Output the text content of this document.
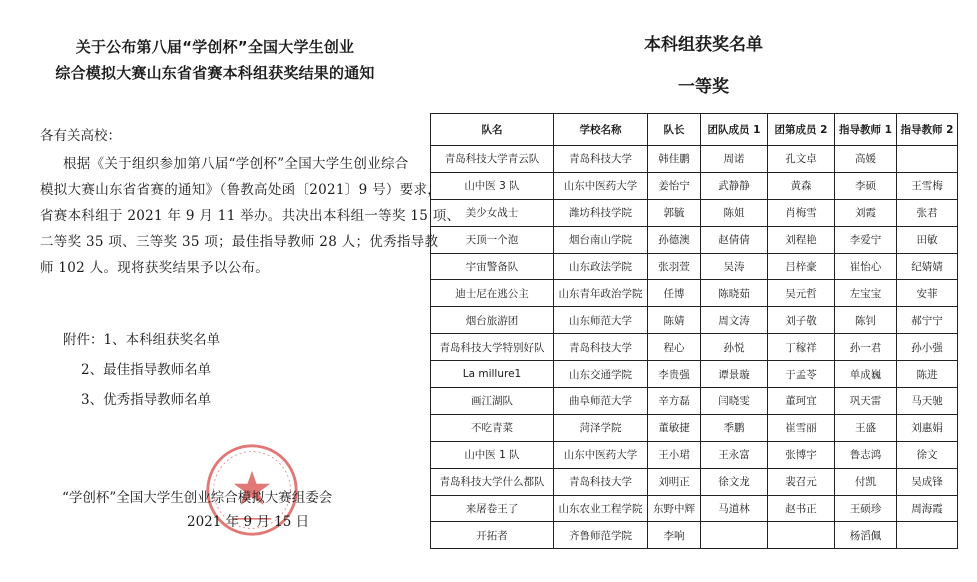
关于公布第八届“学创杯”全国大学生创业
综合模拟大赛山东省省赛本科组获奖结果的通知
各有关高校：
根据《关于组织参加第八届“学创杯”全国大学生创业综合
模拟大赛山东省省赛的通知》（鲁教高处函〔2021〕9 号）要求，
省赛本科组于 2021 年 9 月 11 举办。共决出本科组一等奖 15 项、
二等奖 35 项、三等奖 35 项；最佳指导教师 28 人；优秀指导教
师 102 人。现将获奖结果予以公布。
附件：1、本科组获奖名单
2、最佳指导教师名单
3、优秀指导教师名单
“学创杯”全国大学生创业综合模拟大赛组委会
2021 年 9 月 15 日
本科组获奖名单
一等奖
队名	学校名称	队长	团队成员 1	团第成员 2	指导教师 1	指导教师 2
青岛科技大学青云队	青岛科技大学	韩佳鹏	周诺	孔文卓	高媛	
山中医 3 队	山东中医药大学	姜怡宁	武静静	黄森	李硕	王雪梅
美少女战士	潍坊科技学院	郭毓	陈姐	肖梅雪	刘霞	张君
天顶一个泡	烟台南山学院	孙德澳	赵倩倩	刘程艳	李爱宁	田敏
宇宙警备队	山东政法学院	张羽萱	吴涛	吕梓豪	崔怡心	纪婧婧
迪士尼在逃公主	山东青年政治学院	任博	陈晓茹	吴元哲	左宝宝	安菲
烟台旅游团	山东师范大学	陈婧	周文涛	刘子敬	陈钊	郝宁宁
青岛科技大学特别好队	青岛科技大学	程心	孙悦	丁稼祥	孙一君	孙小强
La millure1	山东交通学院	李贵强	谭景璇	于孟苓	单成巍	陈进
画江湖队	曲阜师范大学	辛方磊	闫晓雯	董珂宜	巩天雷	马天驰
不吃青菜	菏泽学院	董敏捷	季鹏	崔雪丽	王盛	刘惠娟
山中医 1 队	山东中医药大学	王小珺	王永富	张博宇	鲁志鸿	徐文
青岛科技大学什么都队	青岛科技大学	刘明正	徐文龙	裴召元	付凯	吴成锋
来屠卷王了	山东农业工程学院	东野中辉	马道林	赵书正	王硕珍	周海霞
开拓者	齐鲁师范学院	李响			杨滔佩	
